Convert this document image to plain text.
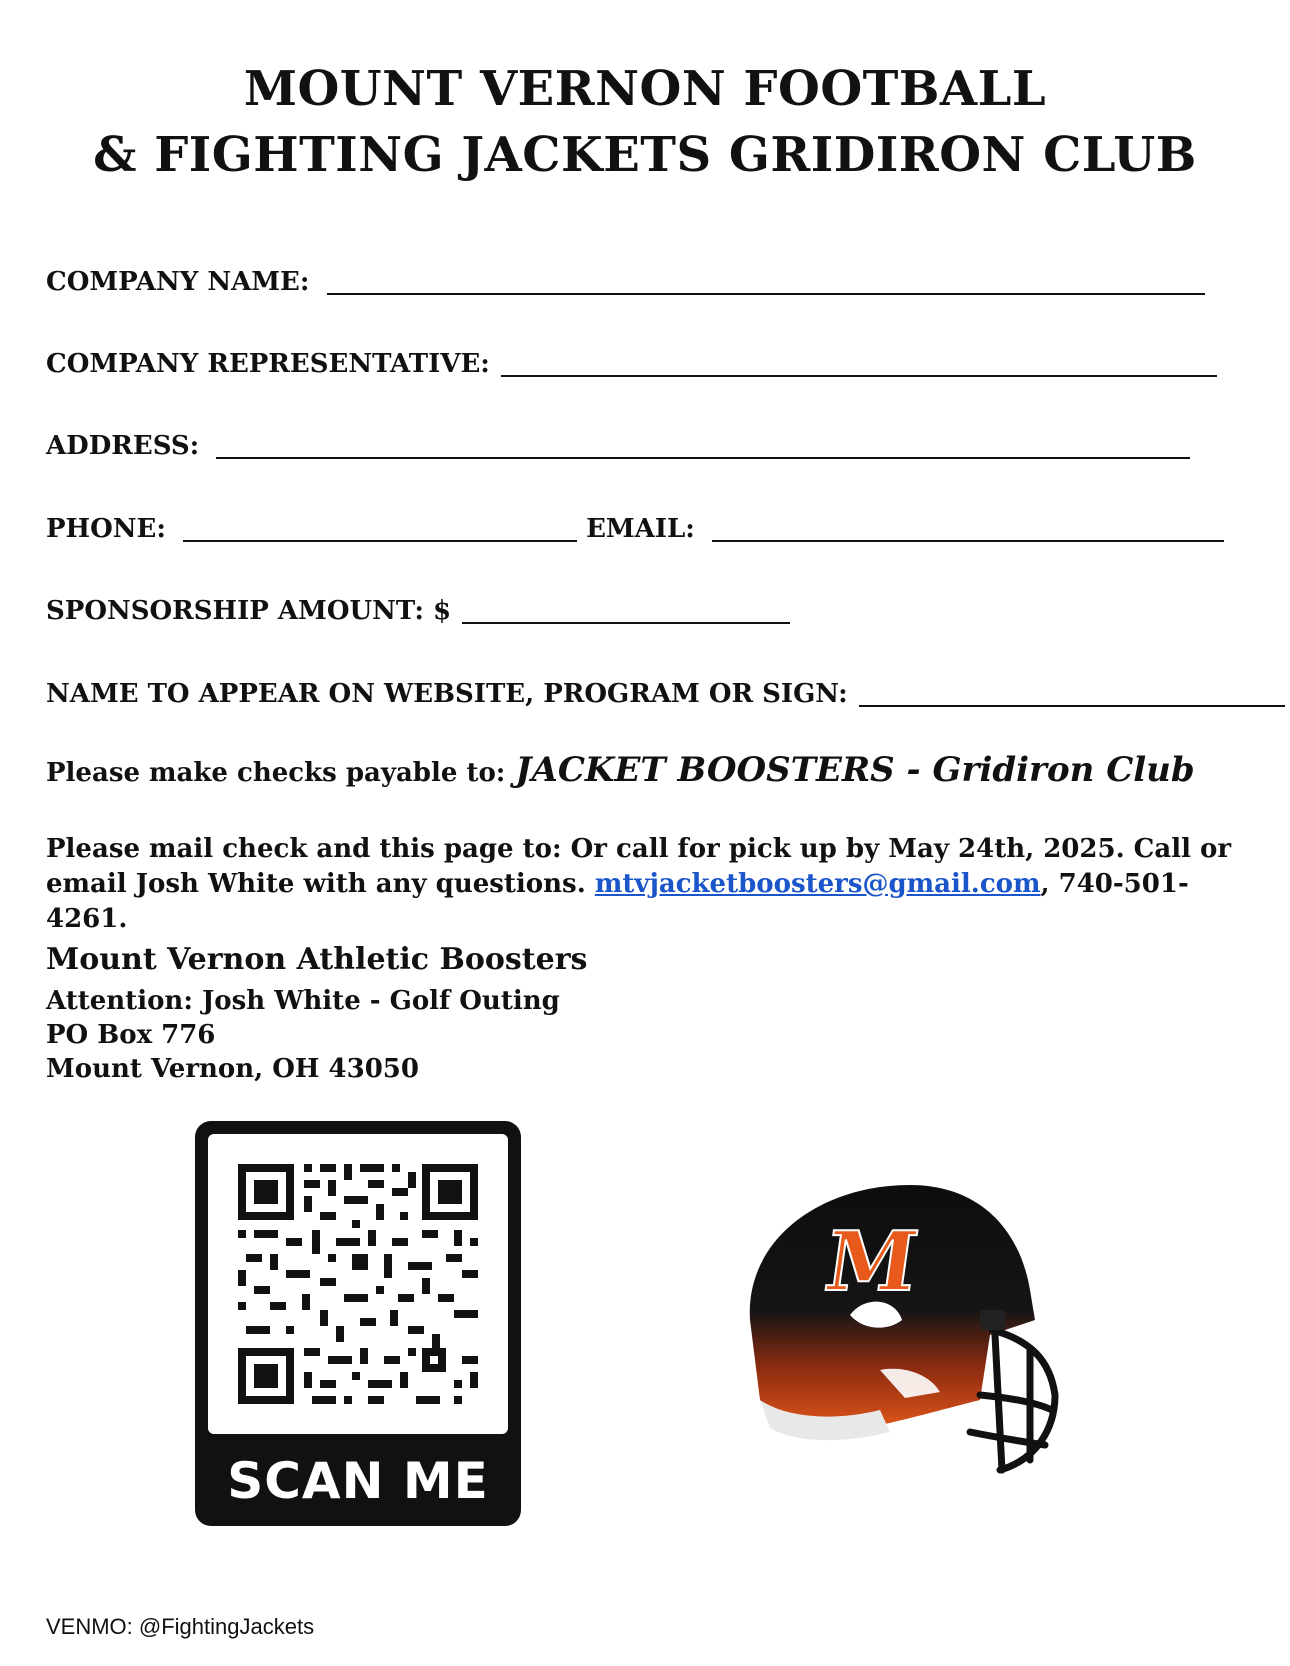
MOUNT VERNON FOOTBALL
& FIGHTING JACKETS GRIDIRON CLUB
COMPANY NAME:
COMPANY REPRESENTATIVE:
ADDRESS:
PHONE:	EMAIL:
SPONSORSHIP AMOUNT: $
NAME TO APPEAR ON WEBSITE, PROGRAM OR SIGN:
Please make checks payable to: JACKET BOOSTERS - Gridiron Club
Please mail check and this page to: Or call for pick up by May 24th, 2025. Call or email Josh White with any questions. mtvjacketboosters@gmail.com, 740-501-4261.
Mount Vernon Athletic Boosters
Attention: Josh White - Golf Outing
PO Box 776
Mount Vernon, OH 43050
SCAN ME
M
VENMO: @FightingJackets
